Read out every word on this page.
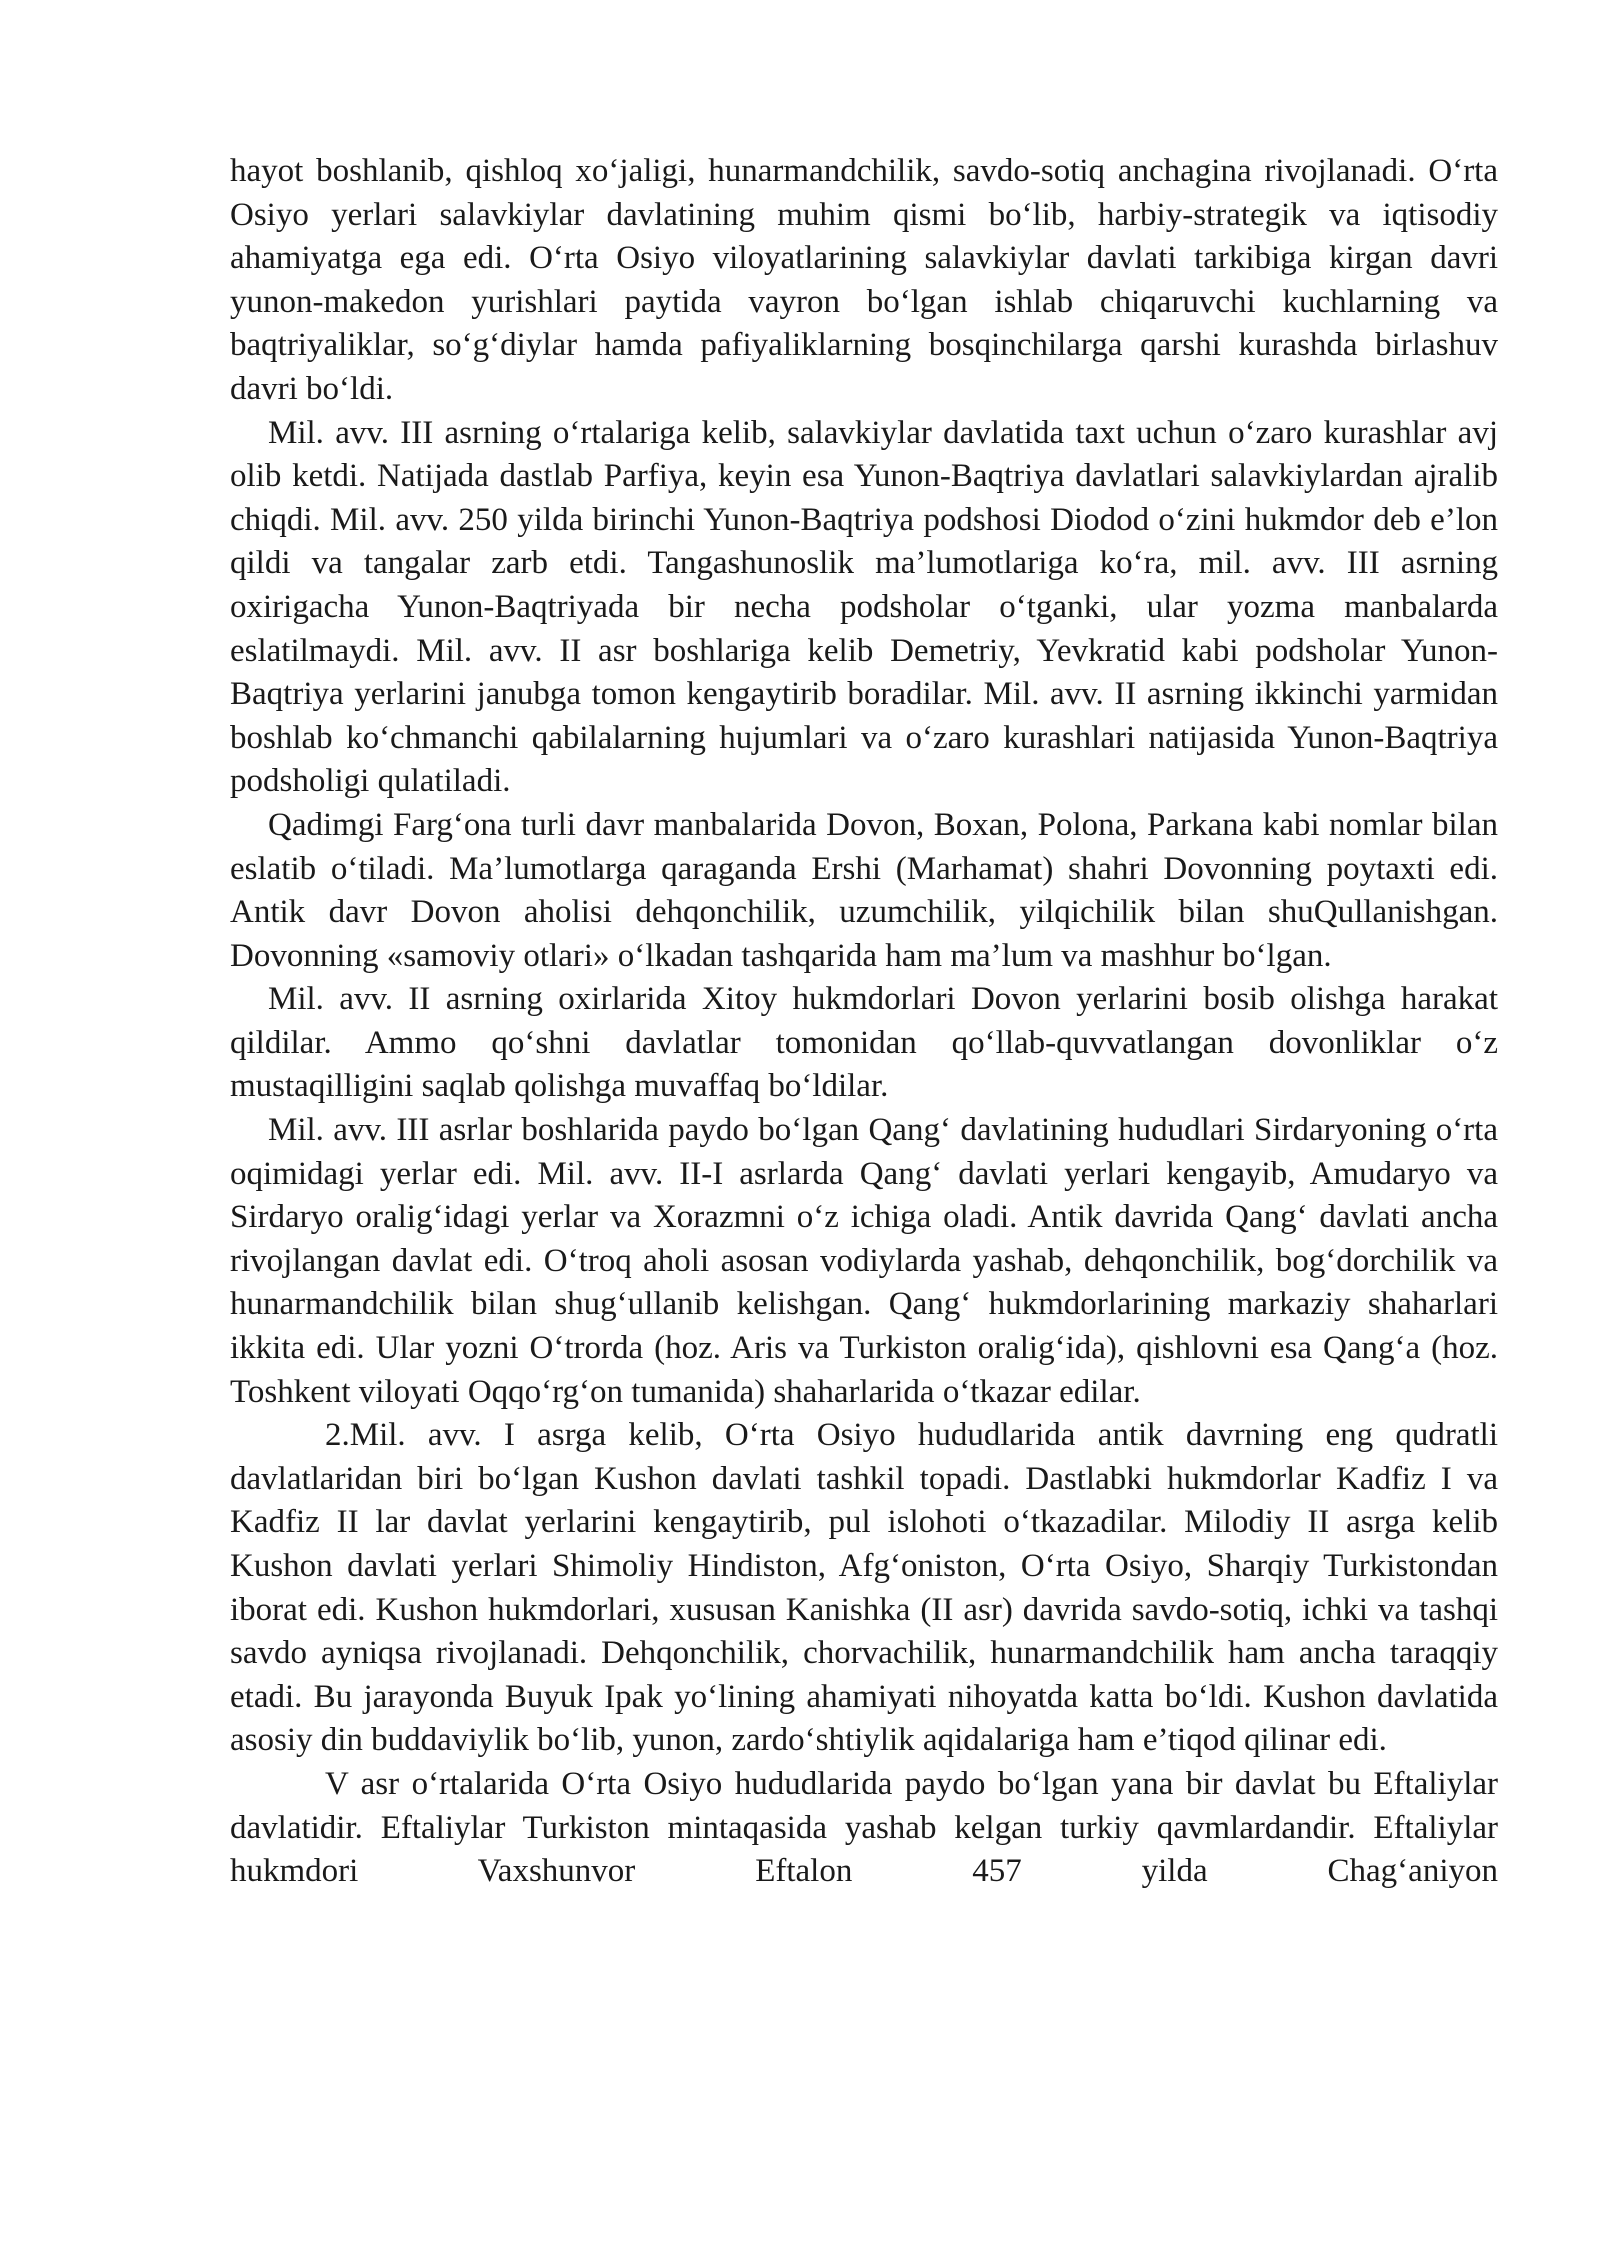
hayot boshlanib, qishloq xo‘jaligi, hunarmandchilik, savdo-sotiq anchagina rivojlanadi. O‘rta Osiyo yerlari salavkiylar davlatining muhim qismi bo‘lib, harbiy-strategik va iqtisodiy ahamiyatga ega edi. O‘rta Osiyo viloyatlarining salavkiylar davlati tarkibiga kirgan davri yunon-makedon yurishlari paytida vayron bo‘lgan ishlab chiqaruvchi kuchlarning va baqtriyaliklar, so‘g‘diylar hamda pafiyaliklarning bosqinchilarga qarshi kurashda birlashuv davri bo‘ldi.

Mil. avv. III asrning o‘rtalariga kelib, salavkiylar davlatida taxt uchun o‘zaro kurashlar avj olib ketdi. Natijada dastlab Parfiya, keyin esa Yunon-Baqtriya davlatlari salavkiylardan ajralib chiqdi. Mil. avv. 250 yilda birinchi Yunon-Baqtriya podshosi Diodod o‘zini hukmdor deb e’lon qildi va tangalar zarb etdi. Tangashunoslik ma’lumotlariga ko‘ra, mil. avv. III asrning oxirigacha Yunon-Baqtriyada bir necha podsholar o‘tganki, ular yozma manbalarda eslatilmaydi. Mil. avv. II asr boshlariga kelib Demetriy, Yevkratid kabi podsholar Yunon-Baqtriya yerlarini janubga tomon kengaytirib boradilar. Mil. avv. II asrning ikkinchi yarmidan boshlab ko‘chmanchi qabilalarning hujumlari va o‘zaro kurashlari natijasida Yunon-Baqtriya podsholigi qulatiladi.

Qadimgi Farg‘ona turli davr manbalarida Dovon, Boxan, Polona, Parkana kabi nomlar bilan eslatib o‘tiladi. Ma’lumotlarga qaraganda Ershi (Marhamat) shahri Dovonning poytaxti edi. Antik davr Dovon aholisi dehqonchilik, uzumchilik, yilqichilik bilan shuQullanishgan. Dovonning «samoviy otlari» o‘lkadan tashqarida ham ma’lum va mashhur bo‘lgan.

Mil. avv. II asrning oxirlarida Xitoy hukmdorlari Dovon yerlarini bosib olishga harakat qildilar. Ammo qo‘shni davlatlar tomonidan qo‘llab-quvvatlangan dovonliklar o‘z mustaqilligini saqlab qolishga muvaffaq bo‘ldilar.

Mil. avv. III asrlar boshlarida paydo bo‘lgan Qang‘ davlatining hududlari Sirdaryoning o‘rta oqimidagi yerlar edi. Mil. avv. II-I asrlarda Qang‘ davlati yerlari kengayib, Amudaryo va Sirdaryo oralig‘idagi yerlar va Xorazmni o‘z ichiga oladi. Antik davrida Qang‘ davlati ancha rivojlangan davlat edi. O‘troq aholi asosan vodiylarda yashab, dehqonchilik, bog‘dorchilik va hunarmandchilik bilan shug‘ullanib kelishgan. Qang‘ hukmdorlarining markaziy shaharlari ikkita edi. Ular yozni O‘trorda (hoz. Aris va Turkiston oralig‘ida), qishlovni esa Qang‘a (hoz. Toshkent viloyati Oqqo‘rg‘on tumanida) shaharlarida o‘tkazar edilar.

2.Mil. avv. I asrga kelib, O‘rta Osiyo hududlarida antik davrning eng qudratli davlatlaridan biri bo‘lgan Kushon davlati tashkil topadi. Dastlabki hukmdorlar Kadfiz I va Kadfiz II lar davlat yerlarini kengaytirib, pul islohoti o‘tkazadilar. Milodiy II asrga kelib Kushon davlati yerlari Shimoliy Hindiston, Afg‘oniston, O‘rta Osiyo, Sharqiy Turkistondan iborat edi. Kushon hukmdorlari, xususan Kanishka (II asr) davrida savdo-sotiq, ichki va tashqi savdo ayniqsa rivojlanadi. Dehqonchilik, chorvachilik, hunarmandchilik ham ancha taraqqiy etadi. Bu jarayonda Buyuk Ipak yo‘lining ahamiyati nihoyatda katta bo‘ldi. Kushon davlatida asosiy din buddaviylik bo‘lib, yunon, zardo‘shtiylik aqidalariga ham e’tiqod qilinar edi.

V asr o‘rtalarida O‘rta Osiyo hududlarida paydo bo‘lgan yana bir davlat bu Eftaliylar davlatidir. Eftaliylar Turkiston mintaqasida yashab kelgan turkiy qavmlardandir. Eftaliylar hukmdori Vaxshunvor Eftalon 457 yilda Chag‘aniyon
